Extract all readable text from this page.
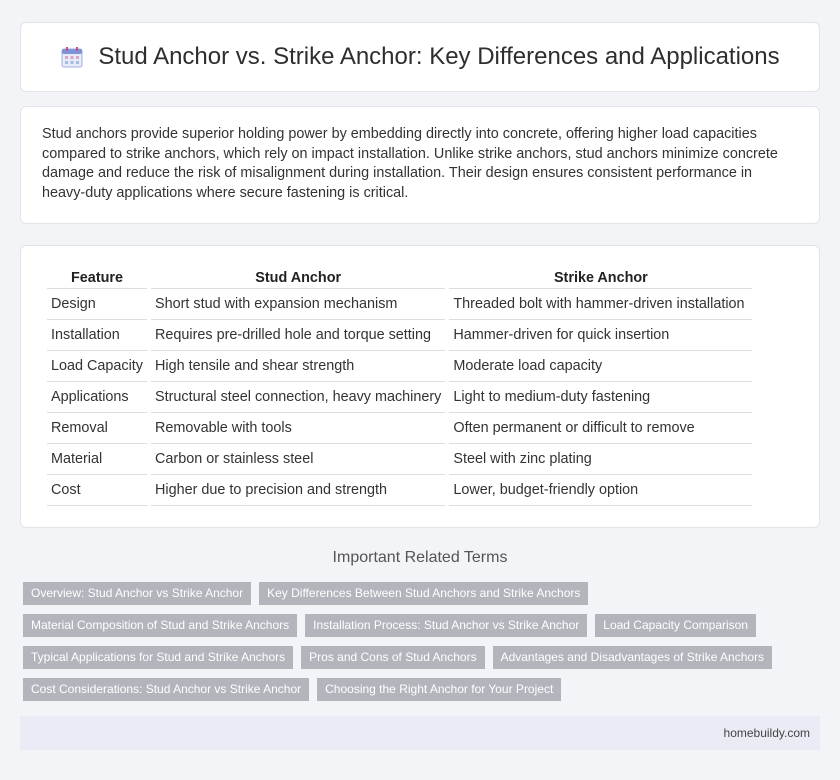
Stud Anchor vs. Strike Anchor: Key Differences and Applications

Stud anchors provide superior holding power by embedding directly into concrete, offering higher load capacities compared to strike anchors, which rely on impact installation. Unlike strike anchors, stud anchors minimize concrete damage and reduce the risk of misalignment during installation. Their design ensures consistent performance in heavy-duty applications where secure fastening is critical.

Feature	Stud Anchor	Strike Anchor
Design	Short stud with expansion mechanism	Threaded bolt with hammer-driven installation
Installation	Requires pre-drilled hole and torque setting	Hammer-driven for quick insertion
Load Capacity	High tensile and shear strength	Moderate load capacity
Applications	Structural steel connection, heavy machinery	Light to medium-duty fastening
Removal	Removable with tools	Often permanent or difficult to remove
Material	Carbon or stainless steel	Steel with zinc plating
Cost	Higher due to precision and strength	Lower, budget-friendly option
Important Related Terms
Overview: Stud Anchor vs Strike Anchor	Key Differences Between Stud Anchors and Strike Anchors
Material Composition of Stud and Strike Anchors	Installation Process: Stud Anchor vs Strike Anchor	Load Capacity Comparison
Typical Applications for Stud and Strike Anchors	Pros and Cons of Stud Anchors	Advantages and Disadvantages of Strike Anchors
Cost Considerations: Stud Anchor vs Strike Anchor	Choosing the Right Anchor for Your Project
homebuildy.com
